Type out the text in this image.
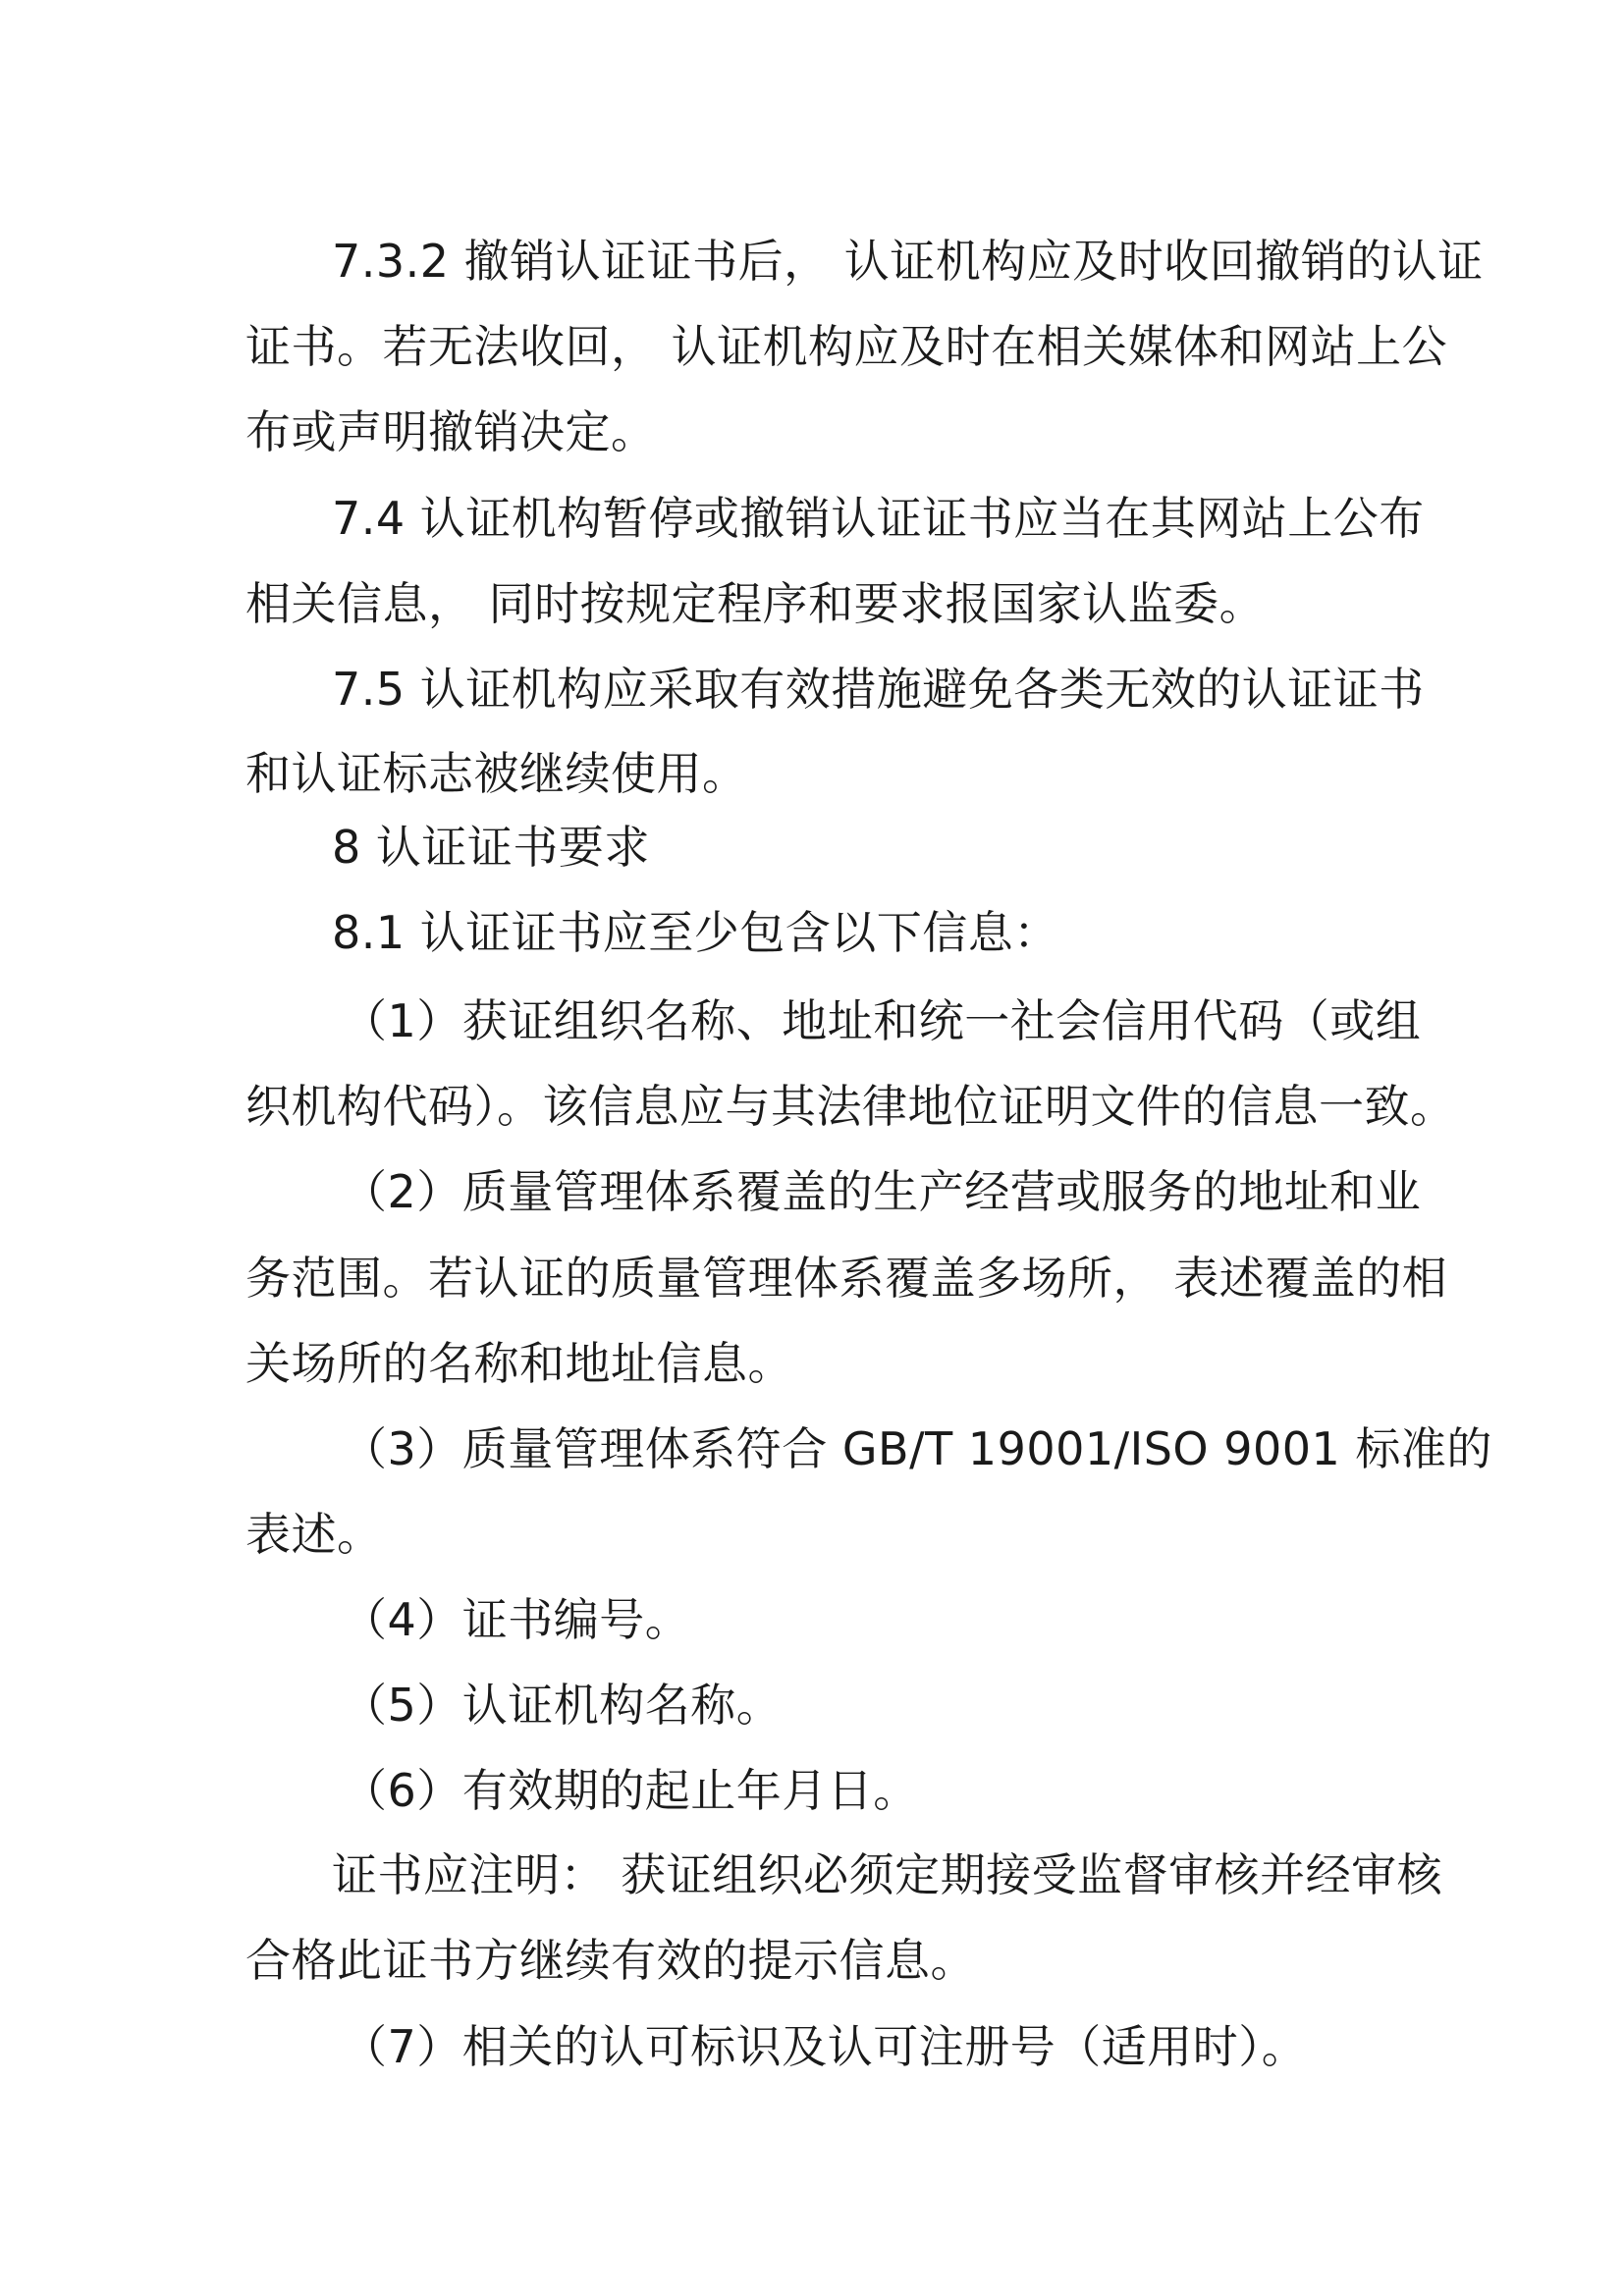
7.3.2 撤销认证证书后， 认证机构应及时收回撤销的认证
证书。若无法收回， 认证机构应及时在相关媒体和网站上公
布或声明撤销决定。
7.4 认证机构暂停或撤销认证证书应当在其网站上公布
相关信息， 同时按规定程序和要求报国家认监委。
7.5 认证机构应采取有效措施避免各类无效的认证证书
和认证标志被继续使用。
8 认证证书要求
8.1 认证证书应至少包含以下信息：
（1）获证组织名称、地址和统一社会信用代码（或组
织机构代码）。该信息应与其法律地位证明文件的信息一致。
（2）质量管理体系覆盖的生产经营或服务的地址和业
务范围。若认证的质量管理体系覆盖多场所， 表述覆盖的相
关场所的名称和地址信息。
（3）质量管理体系符合 GB/T 19001/ISO 9001 标准的
表述。
（4）证书编号。
（5）认证机构名称。
（6）有效期的起止年月日。
证书应注明： 获证组织必须定期接受监督审核并经审核
合格此证书方继续有效的提示信息。
（7）相关的认可标识及认可注册号（适用时）。
